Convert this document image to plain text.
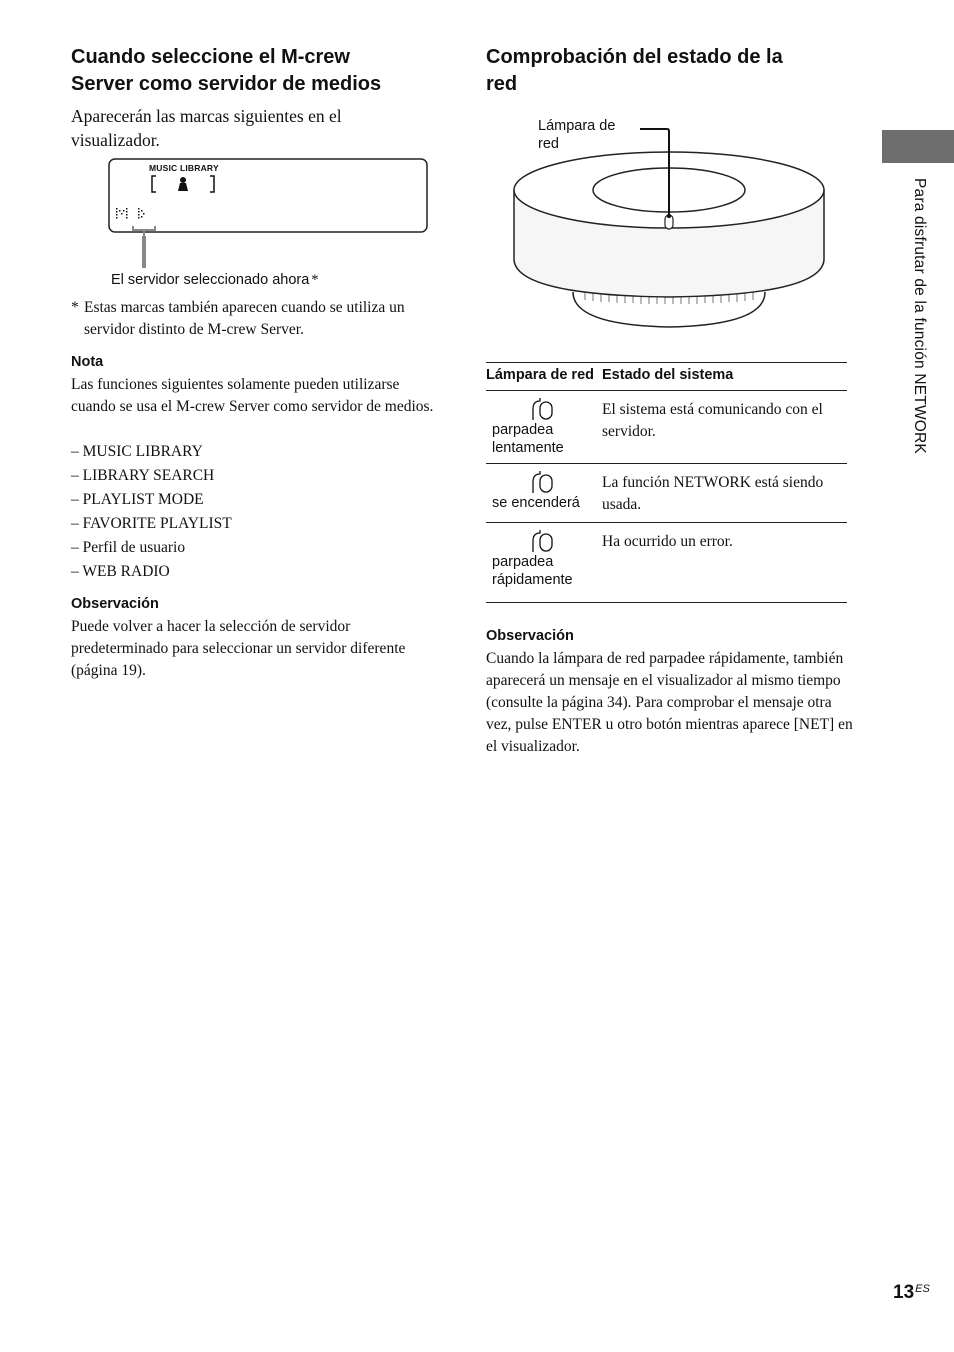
Cuando seleccione el M-crew
Server como servidor de medios
Aparecerán las marcas siguientes en el visualizador.
MUSIC LIBRARY
El servidor seleccionado ahora *
* Estas marcas también aparecen cuando se utiliza un servidor distinto de M-crew Server.
Nota
Las funciones siguientes solamente pueden utilizarse cuando se usa el M-crew Server como servidor de medios.
– MUSIC LIBRARY
– LIBRARY SEARCH
– PLAYLIST MODE
– FAVORITE PLAYLIST
– Perfil de usuario
– WEB RADIO
Observación
Puede volver a hacer la selección de servidor predeterminado para seleccionar un servidor diferente (página 19).
Comprobación del estado de la
red
Lámpara de
red
Lámpara de red	Estado del sistema

parpadea lentamente	El sistema está comunicando con el servidor.

se encenderá	La función NETWORK está siendo usada.

parpadea rápidamente	Ha ocurrido un error.
Observación
Cuando la lámpara de red parpadee rápidamente, también aparecerá un mensaje en el visualizador al mismo tiempo (consulte la página 34). Para comprobar el mensaje otra vez, pulse ENTER u otro botón mientras aparece [NET] en el visualizador.
Para disfrutar de la función NETWORK
$13^{ES}$
